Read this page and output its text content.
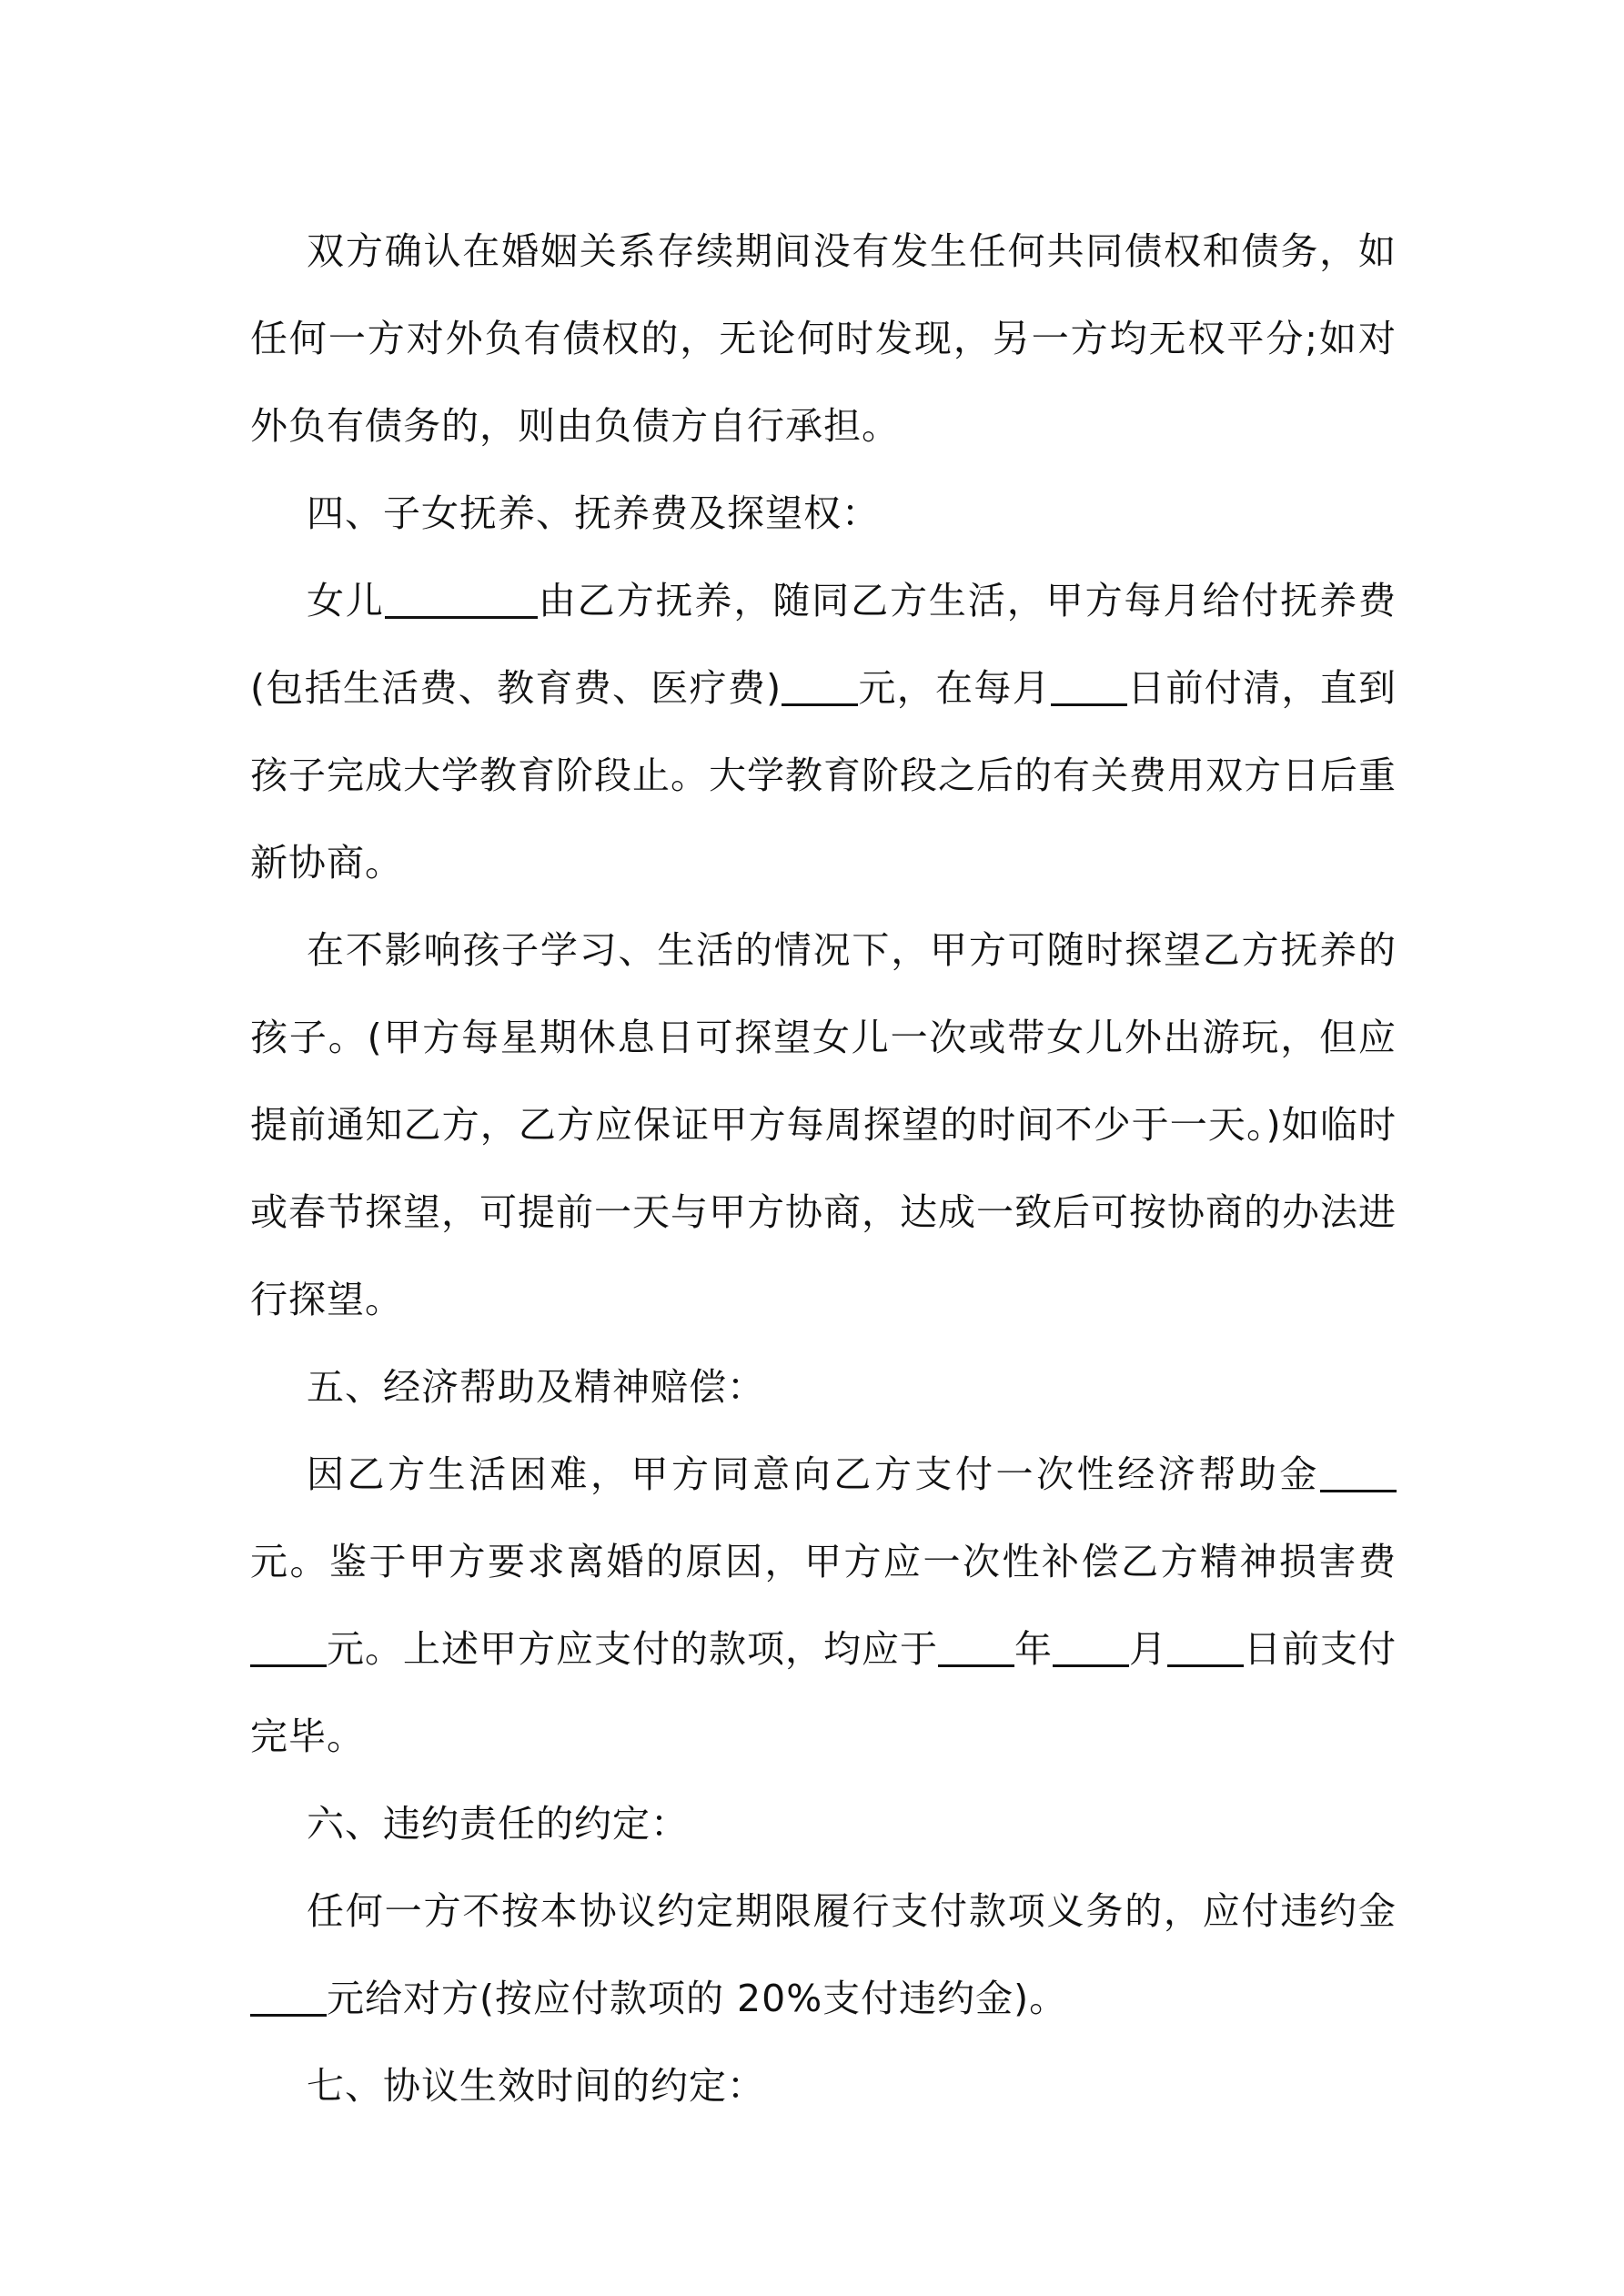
双方确认在婚姻关系存续期间没有发生任何共同债权和债务，如任何一方对外负有债权的，无论何时发现，另一方均无权平分;如对外负有债务的，则由负债方自行承担。

四、子女抚养、抚养费及探望权：

女儿	由乙方抚养，随同乙方生活，甲方每月给付抚养费(包括生活费、教育费、医疗费) 元，在每月 日前付清，直到孩子完成大学教育阶段止。大学教育阶段之后的有关费用双方日后重新协商。

在不影响孩子学习、生活的情况下，甲方可随时探望乙方抚养的孩子。(甲方每星期休息日可探望女儿一次或带女儿外出游玩，但应提前通知乙方，乙方应保证甲方每周探望的时间不少于一天。)如临时或春节探望，可提前一天与甲方协商，达成一致后可按协商的办法进行探望。

五、经济帮助及精神赔偿：

因乙方生活困难，甲方同意向乙方支付一次性经济帮助金元。鉴于甲方要求离婚的原因，甲方应一次性补偿乙方精神损害费元。上述甲方应支付的款项，均应于 年 月 日前支付完毕。

六、违约责任的约定：

任何一方不按本协议约定期限履行支付款项义务的，应付违约金元给对方(按应付款项的 20%支付违约金)。

七、协议生效时间的约定：
